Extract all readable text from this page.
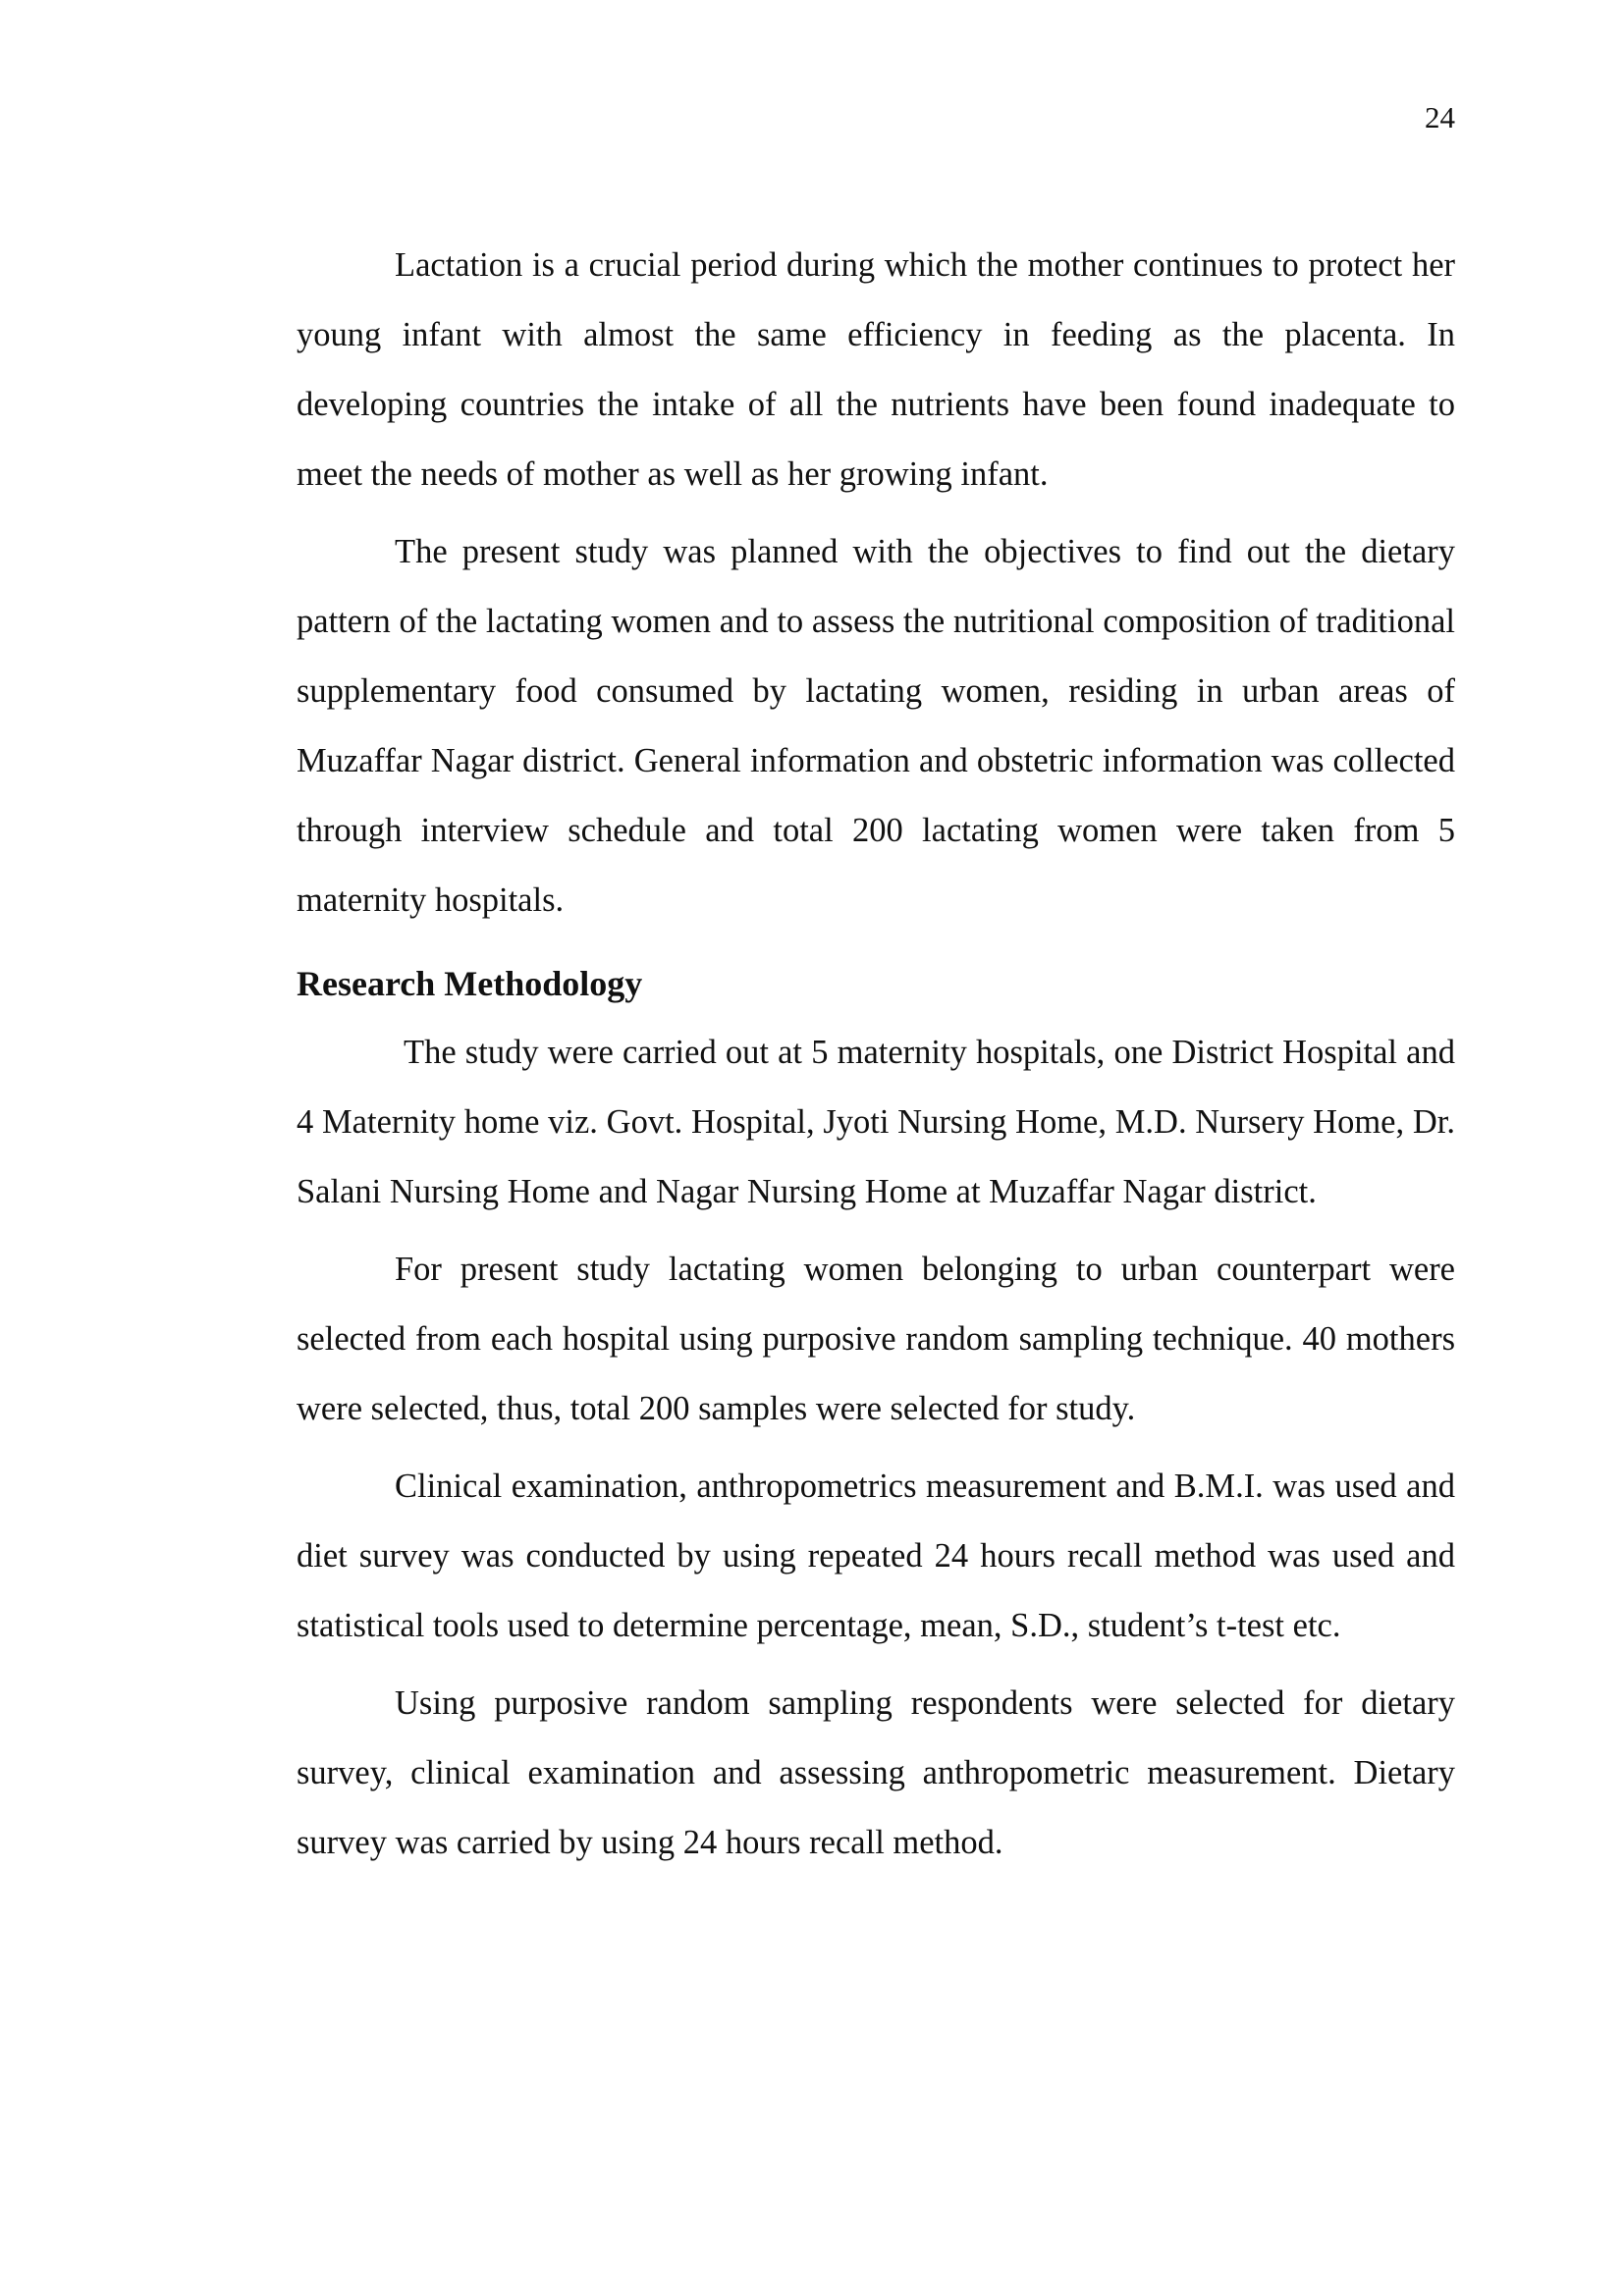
24

Lactation is a crucial period during which the mother continues to protect her young infant with almost the same efficiency in feeding as the placenta. In developing countries the intake of all the nutrients have been found inadequate to meet the needs of mother as well as her growing infant.

The present study was planned with the objectives to find out the dietary pattern of the lactating women and to assess the nutritional composition of traditional supplementary food consumed by lactating women, residing in urban areas of Muzaffar Nagar district. General information and obstetric information was collected through interview schedule and total 200 lactating women were taken from 5 maternity hospitals.

Research Methodology

The study were carried out at 5 maternity hospitals, one District Hospital and 4 Maternity home viz. Govt. Hospital, Jyoti Nursing Home, M.D. Nursery Home, Dr. Salani Nursing Home and Nagar Nursing Home at Muzaffar Nagar district.

For present study lactating women belonging to urban counterpart were selected from each hospital using purposive random sampling technique. 40 mothers were selected, thus, total 200 samples were selected for study.

Clinical examination, anthropometrics measurement and B.M.I. was used and diet survey was conducted by using repeated 24 hours recall method was used and statistical tools used to determine percentage, mean, S.D., student’s t-test etc.

Using purposive random sampling respondents were selected for dietary survey, clinical examination and assessing anthropometric measurement. Dietary survey was carried by using 24 hours recall method.
